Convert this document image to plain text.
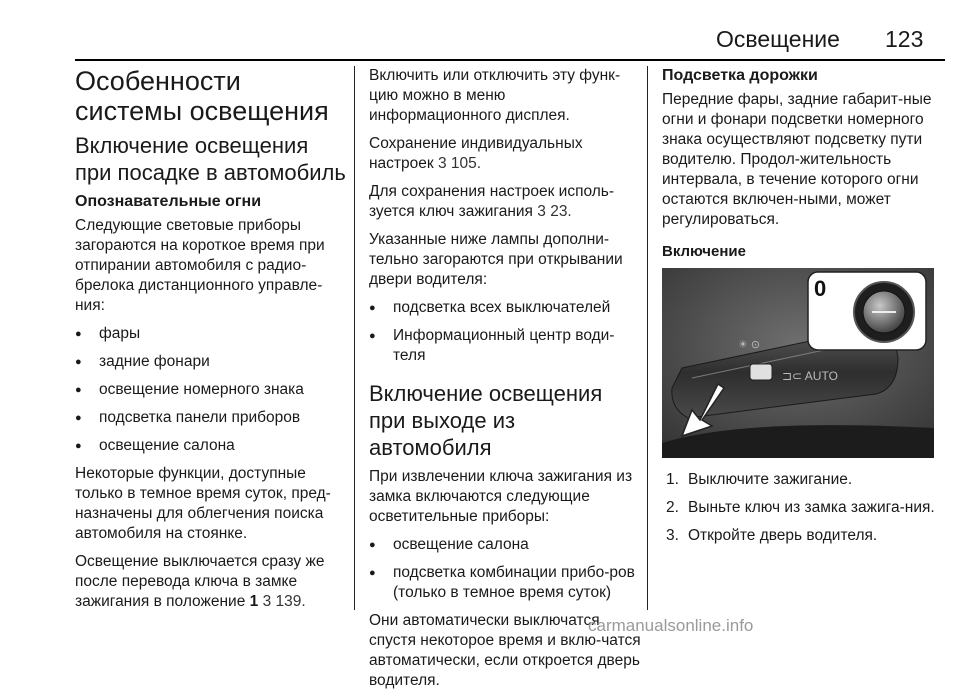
Освещение 123
Особенности системы освещения
Включение освещения при посадке в автомобиль
Опознавательные огни

Следующие световые приборы загораются на короткое время при отпирании автомобиля с радио-брелока дистанционного управле-ния:

● фары
● задние фонари
● освещение номерного знака
● подсветка панели приборов
● освещение салона

Некоторые функции, доступные только в темное время суток, пред-назначены для облегчения поиска автомобиля на стоянке.

Освещение выключается сразу же после перевода ключа в замке зажигания в положение 1 3 139.

Включить или отключить эту функ-цию можно в меню информационного дисплея.

Сохранение индивидуальных настроек 3 105.

Для сохранения настроек исполь-зуется ключ зажигания 3 23.

Указанные ниже лампы дополни-тельно загораются при открывании двери водителя:

● подсветка всех выключателей
● Информационный центр води-теля
Включение освещения при выходе из автомобиля

При извлечении ключа зажигания из замка включаются следующие осветительные приборы:

● освещение салона
● подсветка комбинации прибо-ров (только в темное время суток)

Они автоматически выключатся спустя некоторое время и вклю-чатся автоматически, если откроется дверь водителя.

Подсветка дорожки

Передние фары, задние габарит-ные огни и фонари подсветки номерного знака осуществляют подсветку пути водителю. Продол-жительность интервала, в течение которого огни остаются включен-ными, может регулироваться.

Включение
⊐⊂ AUTO
☀ ⊙
0
1. Выключите зажигание.
2. Выньте ключ из замка зажига-ния.
3. Откройте дверь водителя.
carmanualsonline.info
